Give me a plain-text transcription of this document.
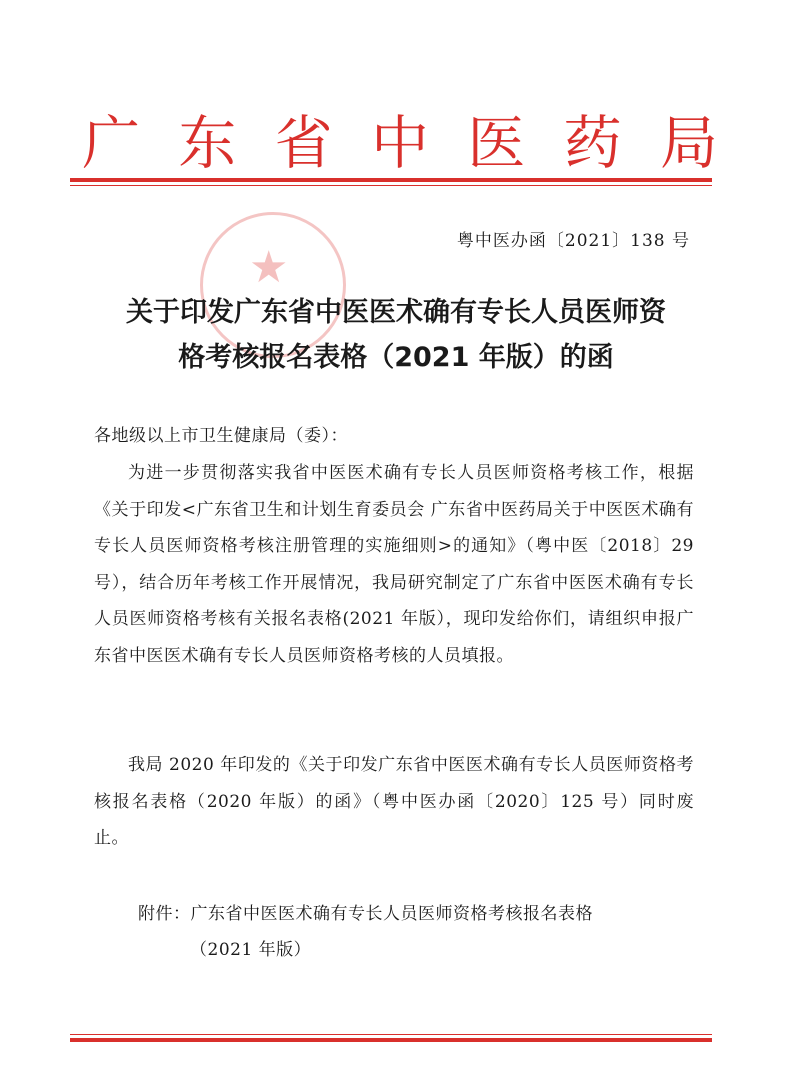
广 东 省 中 医 药 局
★
粤中医办函〔2021〕138 号
关于印发广东省中医医术确有专长人员医师资
格考核报名表格（2021 年版）的函
各地级以上市卫生健康局（委）：
为进一步贯彻落实我省中医医术确有专长人员医师资格考核工作，根据《关于印发<广东省卫生和计划生育委员会 广东省中医药局关于中医医术确有专长人员医师资格考核注册管理的实施细则>的通知》（粤中医〔2018〕29 号），结合历年考核工作开展情况，我局研究制定了广东省中医医术确有专长人员医师资格考核有关报名表格(2021 年版），现印发给你们，请组织申报广东省中医医术确有专长人员医师资格考核的人员填报。
我局 2020 年印发的《关于印发广东省中医医术确有专长人员医师资格考核报名表格（2020 年版）的函》（粤中医办函〔2020〕125 号）同时废止。
附件：广东省中医医术确有专长人员医师资格考核报名表格
（2021 年版）
